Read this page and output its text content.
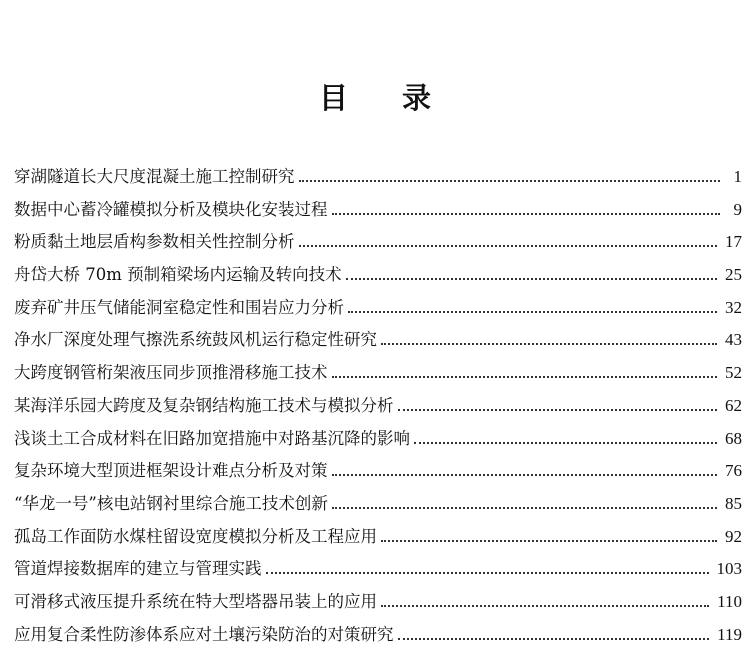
目 录
穿湖隧道长大尺度混凝土施工控制研究	1
数据中心蓄冷罐模拟分析及模块化安装过程	9
粉质黏土地层盾构参数相关性控制分析	17
舟岱大桥 70m 预制箱梁场内运输及转向技术	25
废弃矿井压气储能洞室稳定性和围岩应力分析	32
净水厂深度处理气擦洗系统鼓风机运行稳定性研究	43
大跨度钢管桁架液压同步顶推滑移施工技术	52
某海洋乐园大跨度及复杂钢结构施工技术与模拟分析	62
浅谈土工合成材料在旧路加宽措施中对路基沉降的影响	68
复杂环境大型顶进框架设计难点分析及对策	76
“华龙一号”核电站钢衬里综合施工技术创新	85
孤岛工作面防水煤柱留设宽度模拟分析及工程应用	92
管道焊接数据库的建立与管理实践	103
可滑移式液压提升系统在特大型塔器吊装上的应用	110
应用复合柔性防渗体系应对土壤污染防治的对策研究	119
